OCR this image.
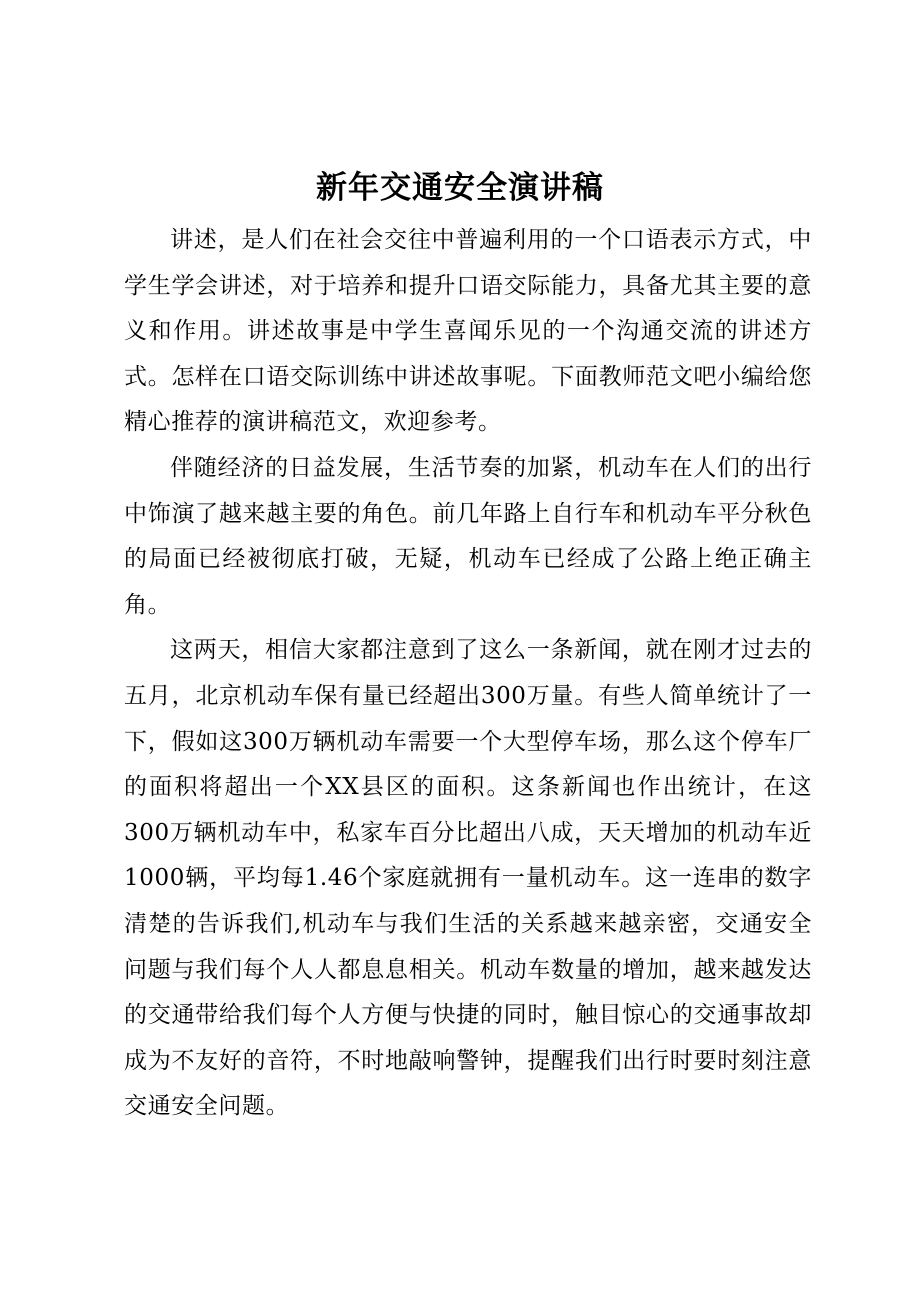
新年交通安全演讲稿

讲述，是人们在社会交往中普遍利用的一个口语表示方式，中学生学会讲述，对于培养和提升口语交际能力，具备尤其主要的意义和作用。讲述故事是中学生喜闻乐见的一个沟通交流的讲述方式。怎样在口语交际训练中讲述故事呢。下面教师范文吧小编给您精心推荐的演讲稿范文，欢迎参考。

伴随经济的日益发展，生活节奏的加紧，机动车在人们的出行中饰演了越来越主要的角色。前几年路上自行车和机动车平分秋色的局面已经被彻底打破，无疑，机动车已经成了公路上绝正确主角。

这两天，相信大家都注意到了这么一条新闻，就在刚才过去的五月，北京机动车保有量已经超出300万量。有些人简单统计了一下，假如这300万辆机动车需要一个大型停车场，那么这个停车厂的面积将超出一个XX县区的面积。这条新闻也作出统计，在这300万辆机动车中，私家车百分比超出八成，天天增加的机动车近1000辆，平均每1.46个家庭就拥有一量机动车。这一连串的数字清楚的告诉我们,机动车与我们生活的关系越来越亲密，交通安全问题与我们每个人人都息息相关。机动车数量的增加，越来越发达的交通带给我们每个人方便与快捷的同时，触目惊心的交通事故却成为不友好的音符，不时地敲响警钟，提醒我们出行时要时刻注意交通安全问题。
